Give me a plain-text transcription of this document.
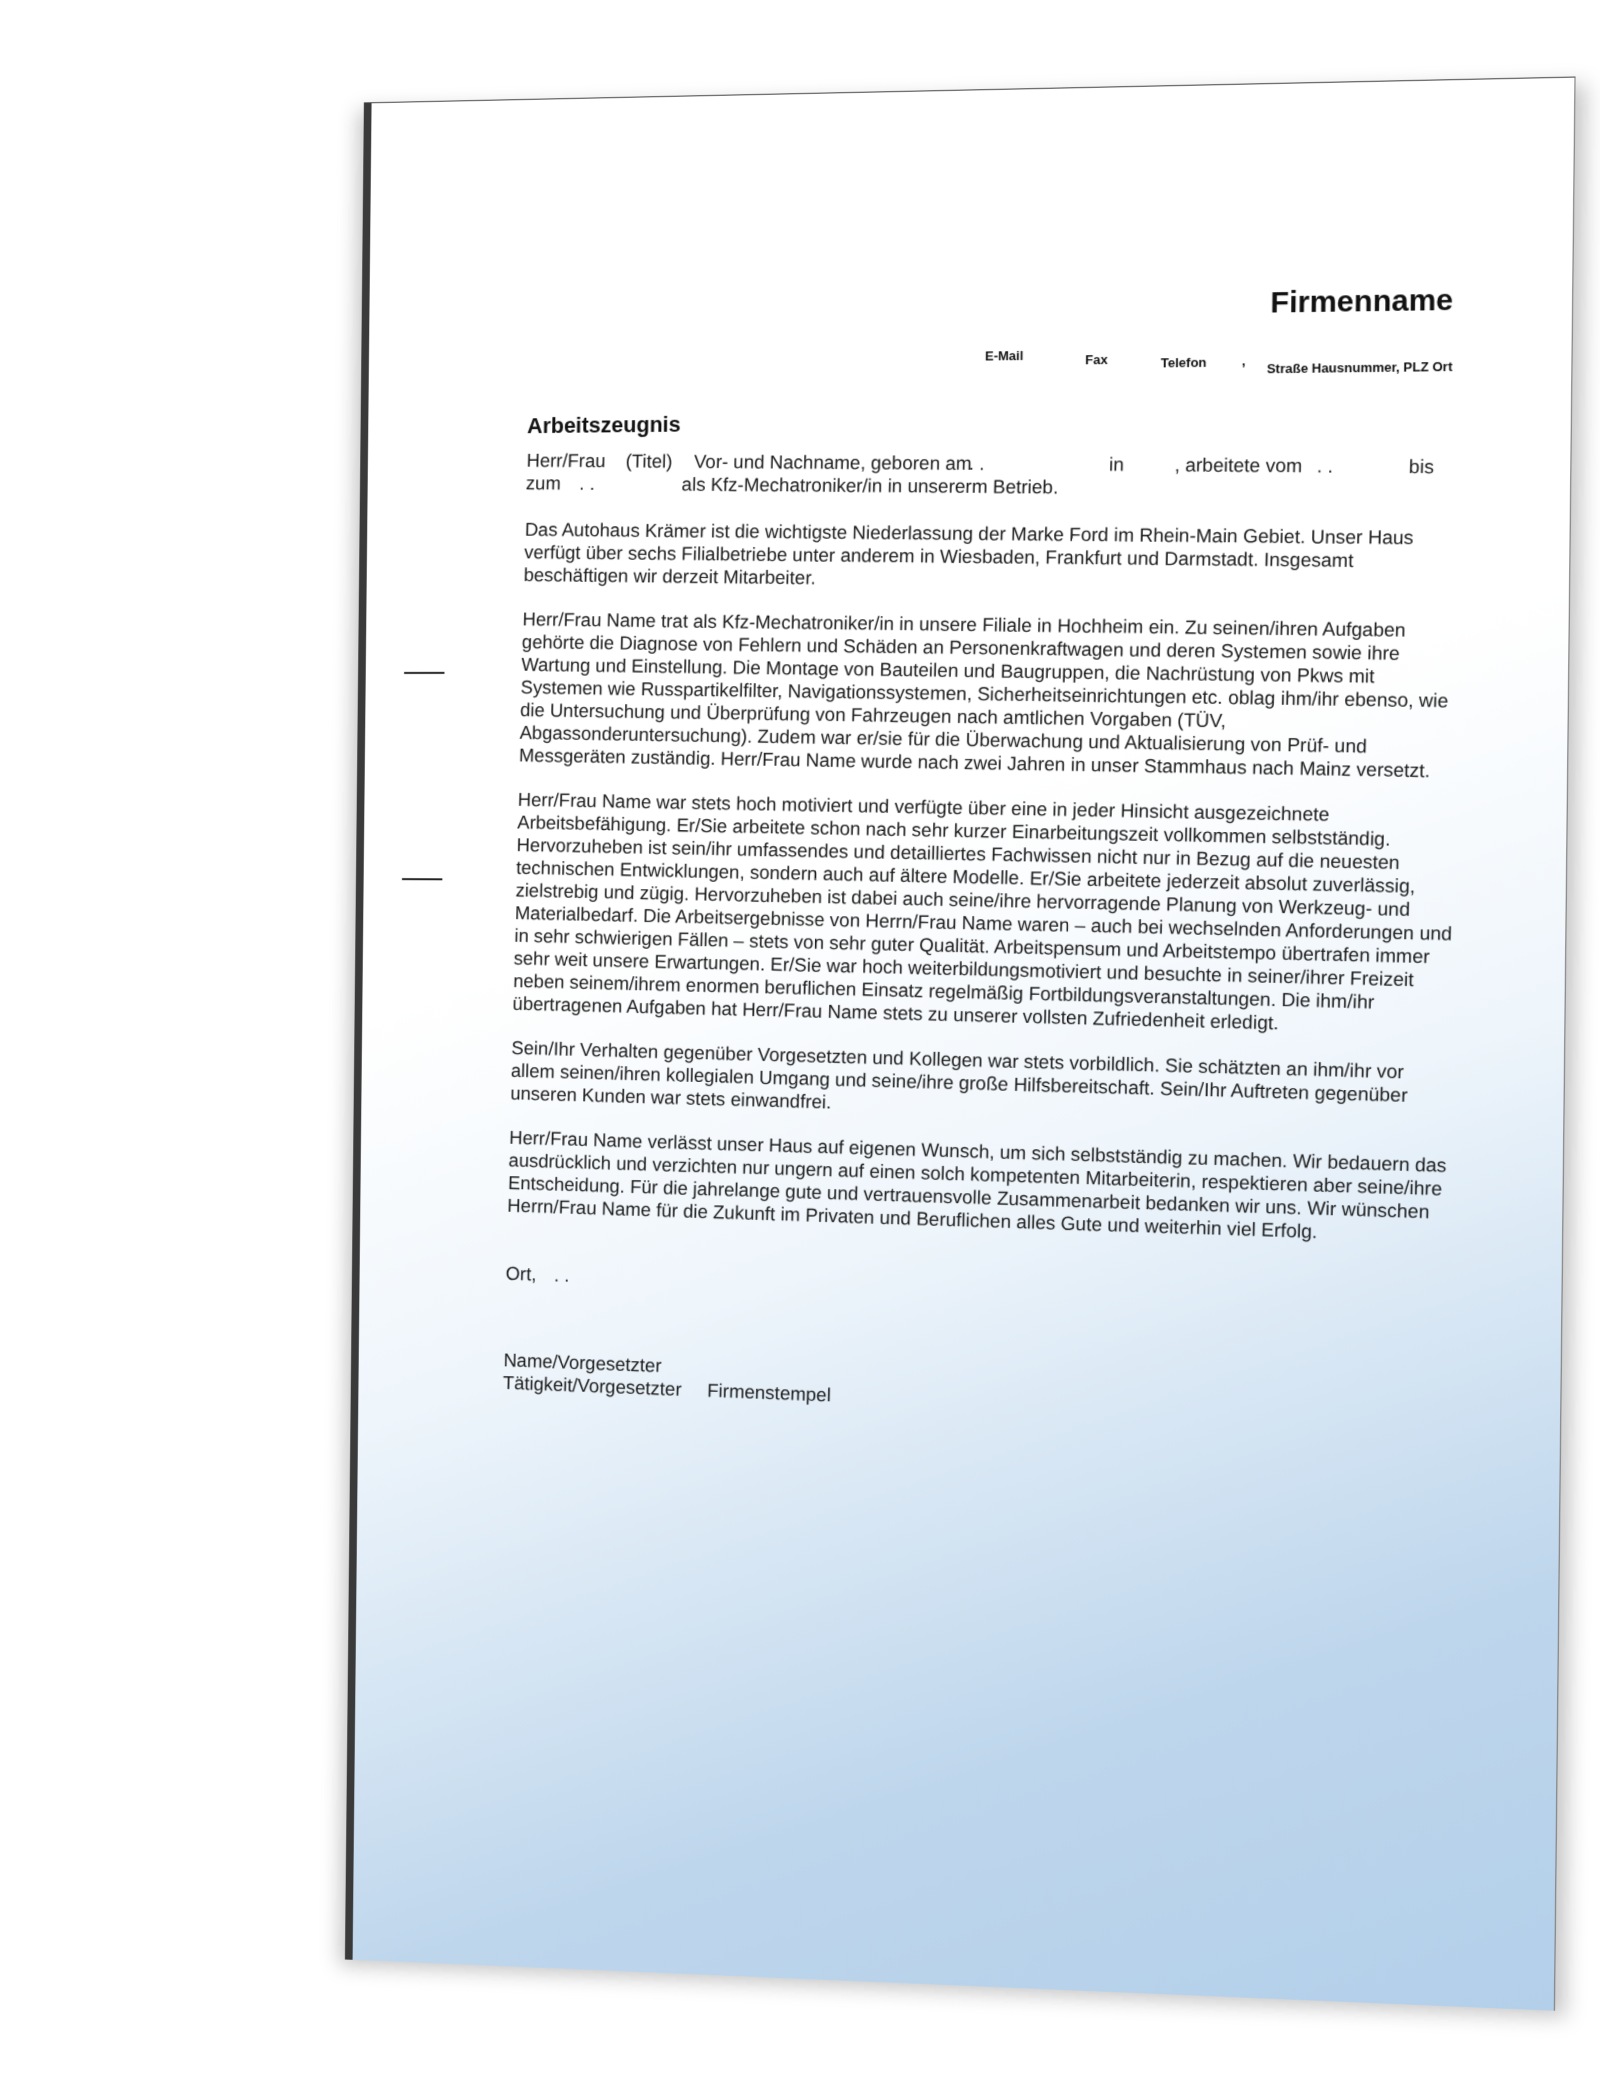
Firmenname
E-Mail	Fax	Telefon	, Straße Hausnummer, PLZ Ort
Arbeitszeugnis
Herr/Frau (Titel) Vor- und Nachname, geboren am
. .	in	, arbeitete vom . .	bis
zum . .	als Kfz-Mechatroniker/in in unsererm Betrieb.

Das Autohaus Krämer ist die wichtigste Niederlassung der Marke Ford im Rhein-Main Gebiet. Unser Haus verfügt über sechs Filialbetriebe unter anderem in Wiesbaden, Frankfurt und Darmstadt. Insgesamt beschäftigen wir derzeit Mitarbeiter.

Herr/Frau Name trat als Kfz-Mechatroniker/in in unsere Filiale in Hochheim ein. Zu seinen/ihren Aufgaben gehörte die Diagnose von Fehlern und Schäden an Personenkraftwagen und deren Systemen sowie ihre Wartung und Einstellung. Die Montage von Bauteilen und Baugruppen, die Nachrüstung von Pkws mit Systemen wie Russpartikelfilter, Navigationssystemen, Sicherheitseinrichtungen etc. oblag ihm/ihr ebenso, wie die Untersuchung und Überprüfung von Fahrzeugen nach amtlichen Vorgaben (TÜV, Abgassonderuntersuchung). Zudem war er/sie für die Überwachung und Aktualisierung von Prüf- und Messgeräten zuständig. Herr/Frau Name wurde nach zwei Jahren in unser Stammhaus nach Mainz versetzt.

Herr/Frau Name war stets hoch motiviert und verfügte über eine in jeder Hinsicht ausgezeichnete Arbeitsbefähigung. Er/Sie arbeitete schon nach sehr kurzer Einarbeitungszeit vollkommen selbstständig. Hervorzuheben ist sein/ihr umfassendes und detailliertes Fachwissen nicht nur in Bezug auf die neuesten technischen Entwicklungen, sondern auch auf ältere Modelle. Er/Sie arbeitete jederzeit absolut zuverlässig, zielstrebig und zügig. Hervorzuheben ist dabei auch seine/ihre hervorragende Planung von Werkzeug- und Materialbedarf. Die Arbeitsergebnisse von Herrn/Frau Name waren – auch bei wechselnden Anforderungen und in sehr schwierigen Fällen – stets von sehr guter Qualität. Arbeitspensum und Arbeitstempo übertrafen immer sehr weit unsere Erwartungen. Er/Sie war hoch weiterbildungsmotiviert und besuchte in seiner/ihrer Freizeit neben seinem/ihrem enormen beruflichen Einsatz regelmäßig Fortbildungsveranstaltungen. Die ihm/ihr übertragenen Aufgaben hat Herr/Frau Name stets zu unserer vollsten Zufriedenheit erledigt.

Sein/Ihr Verhalten gegenüber Vorgesetzten und Kollegen war stets vorbildlich. Sie schätzten an ihm/ihr vor allem seinen/ihren kollegialen Umgang und seine/ihre große Hilfsbereitschaft. Sein/Ihr Auftreten gegenüber unseren Kunden war stets einwandfrei.

Herr/Frau Name verlässt unser Haus auf eigenen Wunsch, um sich selbstständig zu machen. Wir bedauern das ausdrücklich und verzichten nur ungern auf einen solch kompetenten Mitarbeiterin, respektieren aber seine/ihre Entscheidung. Für die jahrelange gute und vertrauensvolle Zusammenarbeit bedanken wir uns. Wir wünschen Herrn/Frau Name für die Zukunft im Privaten und Beruflichen alles Gute und weiterhin viel Erfolg.

Ort, . .
Name/Vorgesetzter
Tätigkeit/Vorgesetzter Firmenstempel
